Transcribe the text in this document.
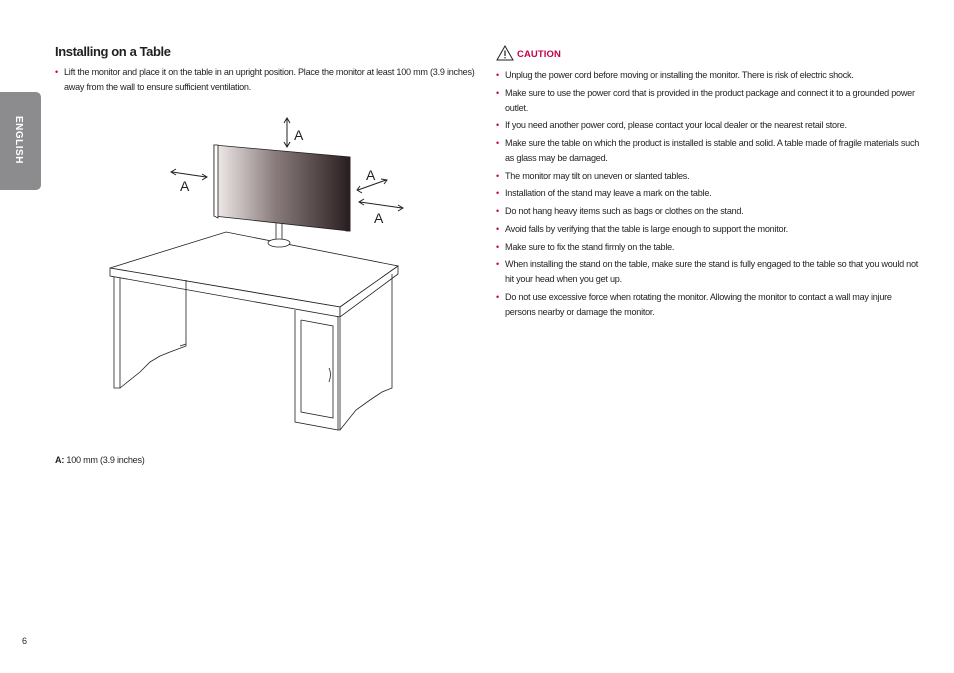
ENGLISH
Installing on a Table
• Lift the monitor and place it on the table in an upright position. Place the monitor at least 100 mm (3.9 inches) away from the wall to ensure sufficient ventilation.
A
A
A
A
A: 100 mm (3.9 inches)
CAUTION
• Unplug the power cord before moving or installing the monitor. There is risk of electric shock.
• Make sure to use the power cord that is provided in the product package and connect it to a grounded power outlet.
• If you need another power cord, please contact your local dealer or the nearest retail store.
• Make sure the table on which the product is installed is stable and solid. A table made of fragile materials such as glass may be damaged.
• The monitor may tilt on uneven or slanted tables.
• Installation of the stand may leave a mark on the table.
• Do not hang heavy items such as bags or clothes on the stand.
• Avoid falls by verifying that the table is large enough to support the monitor.
• Make sure to fix the stand firmly on the table.
• When installing the stand on the table, make sure the stand is fully engaged to the table so that you would not hit your head when you get up.
• Do not use excessive force when rotating the monitor. Allowing the monitor to contact a wall may injure persons nearby or damage the monitor.
6
